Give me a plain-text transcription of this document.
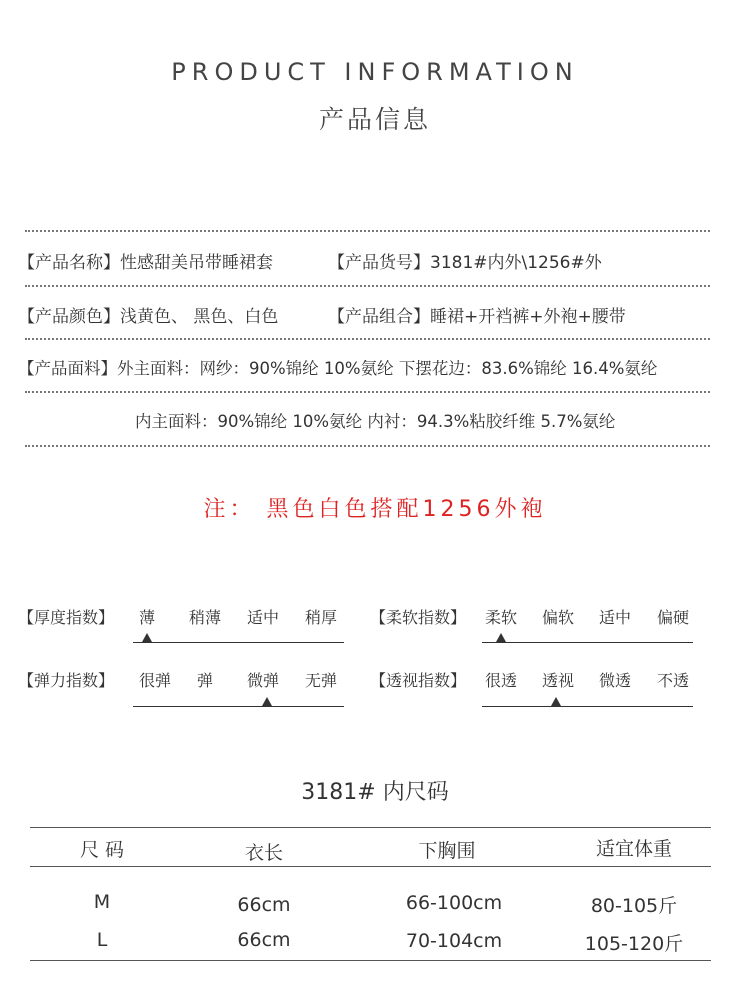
PRODUCT INFORMATION
产品信息
【产品名称】性感甜美吊带睡裙套	【产品货号】3181#内外\1256#外
【产品颜色】浅黄色、 黑色、白色	【产品组合】睡裙+开裆裤+外袍+腰带
【产品面料】外主面料：网纱：90%锦纶 10%氨纶 下摆花边：83.6%锦纶 16.4%氨纶
内主面料：90%锦纶 10%氨纶 内衬：94.3%粘胶纤维 5.7%氨纶
注： 黑色白色搭配1256外袍
【厚度指数】	薄	稍薄	适中	稍厚	【柔软指数】	柔软	偏软	适中	偏硬
【弹力指数】	很弹	弹	微弹	无弹	【透视指数】	很透	透视	微透	不透
3181# 内尺码
尺 码	衣长	下胸围	适宜体重
M	66cm	66-100cm	80-105斤
L	66cm	70-104cm	105-120斤
